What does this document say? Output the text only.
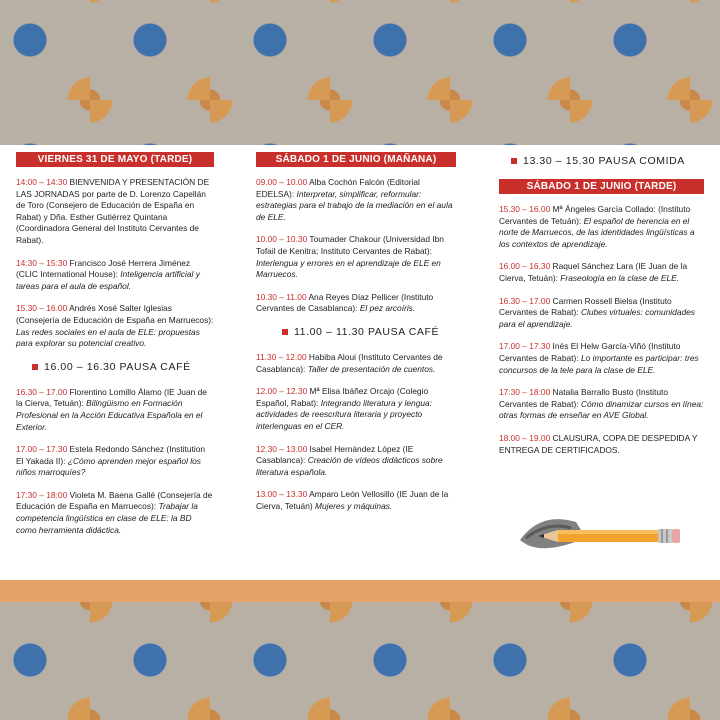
VIERNES 31 DE MAYO (TARDE)
14:00 – 14:30 BIENVENIDA Y PRESENTACIÓN DE LAS JORNADAS por parte de D. Lorenzo Capellán de Toro (Consejero de Educación de España en Rabat) y Dña. Esther Gutiérrez Quintana (Coordinadora General del Instituto Cervantes de Rabat).
14:30 – 15:30 Francisco José Herrera Jiménez (CLIC International House): Inteligencia artificial y tareas para el aula de español.
15.30 – 16.00 Andrés Xosé Salter Iglesias (Consejería de Educación de España en Marruecos): Las redes sociales en el aula de ELE: propuestas para explorar su potencial creativo.
16.00 – 16.30 PAUSA CAFÉ
16.30 – 17.00 Florentino Lomillo Álamo (IE Juan de la Cierva, Tetuán): Bilingüismo en Formación Profesional en la Acción Educativa Española en el Exterior.
17.00 – 17.30 Estela Redondo Sánchez (Institution El Yakada II): ¿Cómo aprenden mejor español los niños marroquíes?
17:30 – 18:00 Violeta M. Baena Gallé (Consejería de Educación de España en Marruecos): Trabajar la competencia lingüística en clase de ELE: la BD como herramienta didáctica.
SÁBADO 1 DE JUNIO (MAÑANA)
09.00 – 10.00 Alba Cochón Falcón (Editorial EDELSA): Interpretar, simplificar, reformular: estrategias para el trabajo de la mediación en el aula de ELE.
10.00 – 10.30 Toumader Chakour (Universidad Ibn Tofail de Kenitra; Instituto Cervantes de Rabat): Interlengua y errores en el aprendizaje de ELE en Marruecos.
10.30 – 11.00 Ana Reyes Díaz Pellicer (Instituto Cervantes de Casablanca): El pez arcoíris.
11.00 – 11.30 PAUSA CAFÉ
11.30 – 12.00 Habiba Aloui (Instituto Cervantes de Casablanca): Taller de presentación de cuentos.
12.00 – 12.30 Mª Elisa Ibáñez Orcajo (Colegio Español, Rabat): Integrando literatura y lengua: actividades de reescritura literaria y proyecto interlenguas en el CER.
12.30 – 13.00 Isabel Hernández López (IE Casablanca): Creación de vídeos didácticos sobre literatura española.
13.00 – 13.30 Amparo León Vellosillo (IE Juan de la Cierva, Tetuán) Mujeres y máquinas.
13.30 – 15.30 PAUSA COMIDA
SÁBADO 1 DE JUNIO (TARDE)
15.30 – 16.00 Mª Ángeles García Collado: (Instituto Cervantes de Tetuán): El español de herencia en el norte de Marruecos, de las identidades lingüísticas a los contextos de aprendizaje.
16.00 – 16.30 Raquel Sánchez Lara (IE Juan de la Cierva, Tetuán): Fraseología en la clase de ELE.
16.30 – 17.00 Carmen Rossell Bielsa (Instituto Cervantes de Rabat): Clubes virtuales: comunidades para el aprendizaje.
17.00 – 17.30 Inés El Helw García-Viñó (Instituto Cervantes de Rabat): Lo importante es participar: tres concursos de la tele para la clase de ELE.
17:30 – 18:00 Natalia Barrallo Busto (Instituto Cervantes de Rabat): Cómo dinamizar cursos en línea: otras formas de enseñar en AVE Global.
18.00 – 19.00 CLAUSURA, COPA DE DESPEDIDA Y ENTREGA DE CERTIFICADOS.
